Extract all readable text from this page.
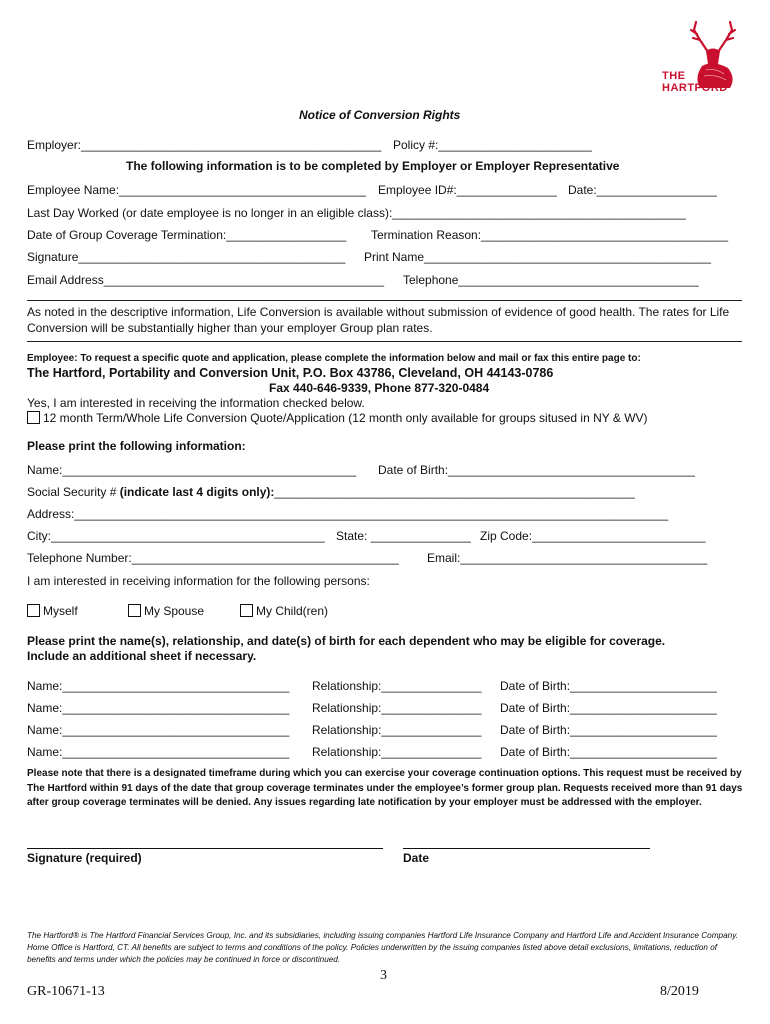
THE
HARTFORD
Notice of Conversion Rights
Employer:_____________________________________________ Policy #:_______________________
The following information is to be completed by Employer or Employer Representative
Employee Name:_____________________________________ Employee ID#:_______________ Date:__________________
Last Day Worked (or date employee is no longer in an eligible class):____________________________________________
Date of Group Coverage Termination:__________________ Termination Reason:_____________________________________
Signature________________________________________ Print Name___________________________________________
Email Address__________________________________________ Telephone____________________________________
As noted in the descriptive information, Life Conversion is available without submission of evidence of good health. The rates for Life Conversion will be substantially higher than your employer Group plan rates.
Employee: To request a specific quote and application, please complete the information below and mail or fax this entire page to:
The Hartford, Portability and Conversion Unit, P.O. Box 43786, Cleveland, OH 44143-0786
Fax 440-646-9339, Phone 877-320-0484
Yes, I am interested in receiving the information checked below.
12 month Term/Whole Life Conversion Quote/Application (12 month only available for groups sitused in NY & WV)
Please print the following information:
Name:____________________________________________ Date of Birth:_____________________________________
Social Security # (indicate last 4 digits only):______________________________________________________
Address:_________________________________________________________________________________________
City:_________________________________________ State: _______________ Zip Code:__________________________
Telephone Number:________________________________________ Email:_____________________________________
I am interested in receiving information for the following persons:
Myself	My Spouse	My Child(ren)
Please print the name(s), relationship, and date(s) of birth for each dependent who may be eligible for coverage.
Include an additional sheet if necessary.
Name:__________________________________ Relationship:_______________ Date of Birth:______________________
Name:__________________________________ Relationship:_______________ Date of Birth:______________________
Name:__________________________________ Relationship:_______________ Date of Birth:______________________
Name:__________________________________ Relationship:_______________ Date of Birth:______________________
Please note that there is a designated timeframe during which you can exercise your coverage continuation options. This request must be received by The Hartford within 91 days of the date that group coverage terminates under the employee’s former group plan. Requests received more than 91 days after group coverage terminates will be denied. Any issues regarding late notification by your employer must be addressed with the employer.
Signature (required)	Date
The Hartford® is The Hartford Financial Services Group, Inc. and its subsidiaries, including issuing companies Hartford Life Insurance Company and Hartford Life and Accident Insurance Company. Home Office is Hartford, CT. All benefits are subject to terms and conditions of the policy. Policies underwritten by the issuing companies listed above detail exclusions, limitations, reduction of benefits and terms under which the policies may be continued in force or discontinued.
3
GR-10671-13	8/2019
